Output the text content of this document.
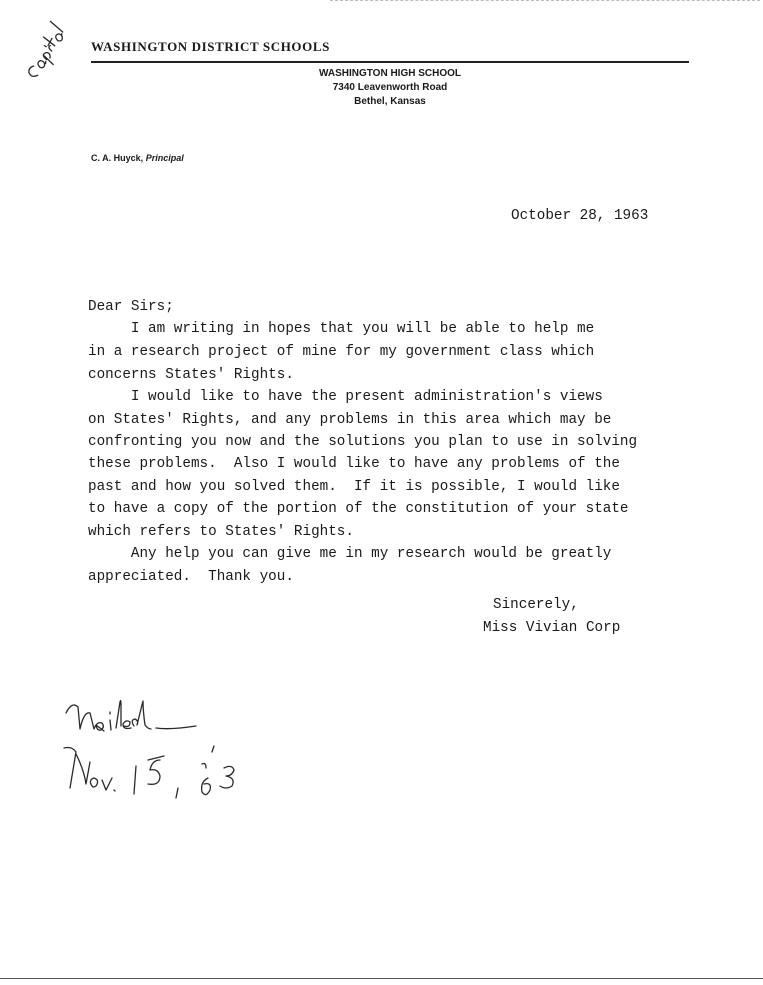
WASHINGTON DISTRICT SCHOOLS
WASHINGTON HIGH SCHOOL
7340 Leavenworth Road
Bethel, Kansas
C. A. Huyck, Principal
October 28, 1963
Dear Sirs;
I am writing in hopes that you will be able to help me
in a research project of mine for my government class which
concerns States' Rights.
I would like to have the present administration's views
on States' Rights, and any problems in this area which may be
confronting you now and the solutions you plan to use in solving
these problems.  Also I would like to have any problems of the
past and how you solved them.  If it is possible, I would like
to have a copy of the portion of the constitution of your state
which refers to States' Rights.
Any help you can give me in my research would be greatly
appreciated.  Thank you.
Sincerely,
Miss Vivian Corp
